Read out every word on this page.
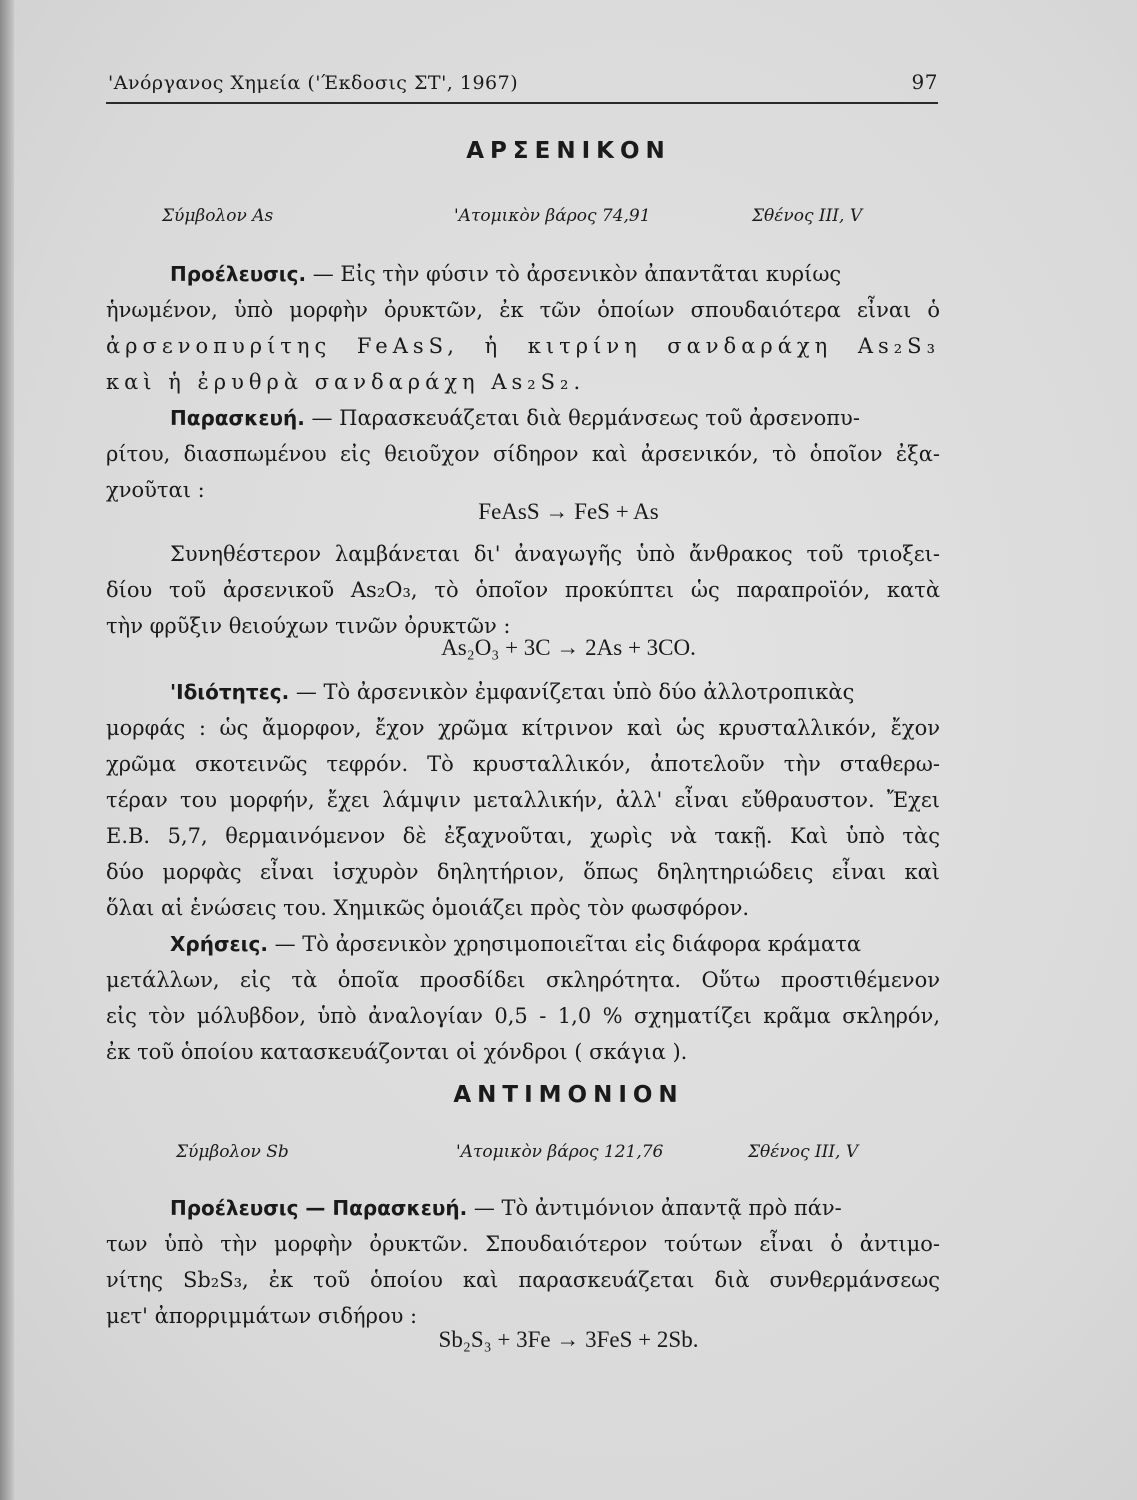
'Ανόργανος Χημεία ('Έκδοσις ΣΤ', 1967)	97
ΑΡΣΕΝΙΚΟΝ
Σύμβολον As	'Ατομικὸν βάρος 74,91	Σθένος III, V
Προέλευσις. — Εἰς τὴν φύσιν τὸ ἀρσενικὸν ἀπαντᾶται κυρίως
ἡνωμένον, ὑπὸ μορφὴν ὀρυκτῶν, ἐκ τῶν ὁποίων σπουδαιότερα εἶναι ὁ
ἀρσενοπυρίτης FeAsS, ἡ κιτρίνη σανδαράχη As₂S₃
καὶ ἡ ἐρυθρὰ σανδαράχη As₂S₂.
Παρασκευή. — Παρασκευάζεται διὰ θερμάνσεως τοῦ ἀρσενοπυ-
ρίτου, διασπωμένου εἰς θειοῦχον σίδηρον καὶ ἀρσενικόν, τὸ ὁποῖον ἐξα-
χνοῦται :
FeAsS → FeS + As
Συνηθέστερον λαμβάνεται δι' ἀναγωγῆς ὑπὸ ἄνθρακος τοῦ τριοξει-
δίου τοῦ ἀρσενικοῦ As₂O₃, τὸ ὁποῖον προκύπτει ὡς παραπροϊόν, κατὰ
τὴν φρῦξιν θειούχων τινῶν ὀρυκτῶν :
As₂O₃ + 3C → 2As + 3CO.
'Ιδιότητες. — Τὸ ἀρσενικὸν ἐμφανίζεται ὑπὸ δύο ἀλλοτροπικὰς
μορφάς : ὡς ἄμορφον, ἔχον χρῶμα κίτρινον καὶ ὡς κρυσταλλικόν, ἔχον
χρῶμα σκοτεινῶς τεφρόν. Τὸ κρυσταλλικόν, ἀποτελοῦν τὴν σταθερω-
τέραν του μορφήν, ἔχει λάμψιν μεταλλικήν, ἀλλ' εἶναι εὔθραυστον. Ἔχει
Ε.Β. 5,7, θερμαινόμενον δὲ ἐξαχνοῦται, χωρὶς νὰ τακῇ. Καὶ ὑπὸ τὰς
δύο μορφὰς εἶναι ἰσχυρὸν δηλητήριον, ὅπως δηλητηριώδεις εἶναι καὶ
ὅλαι αἱ ἑνώσεις του. Χημικῶς ὁμοιάζει πρὸς τὸν φωσφόρον.
Χρήσεις. — Τὸ ἀρσενικὸν χρησιμοποιεῖται εἰς διάφορα κράματα
μετάλλων, εἰς τὰ ὁποῖα προσδίδει σκληρότητα. Οὕτω προστιθέμενον
εἰς τὸν μόλυβδον, ὑπὸ ἀναλογίαν 0,5 - 1,0 % σχηματίζει κρᾶμα σκληρόν,
ἐκ τοῦ ὁποίου κατασκευάζονται οἱ χόνδροι ( σκάγια ).
ΑΝΤΙΜΟΝΙΟΝ
Σύμβολον Sb	'Ατομικὸν βάρος 121,76	Σθένος III, V
Προέλευσις — Παρασκευή. — Τὸ ἀντιμόνιον ἀπαντᾷ πρὸ πάν-
των ὑπὸ τὴν μορφὴν ὀρυκτῶν. Σπουδαιότερον τούτων εἶναι ὁ ἀντιμο-
νίτης Sb₂S₃, ἐκ τοῦ ὁποίου καὶ παρασκευάζεται διὰ συνθερμάνσεως
μετ' ἀπορριμμάτων σιδήρου :
Sb₂S₃ + 3Fe → 3FeS + 2Sb.
